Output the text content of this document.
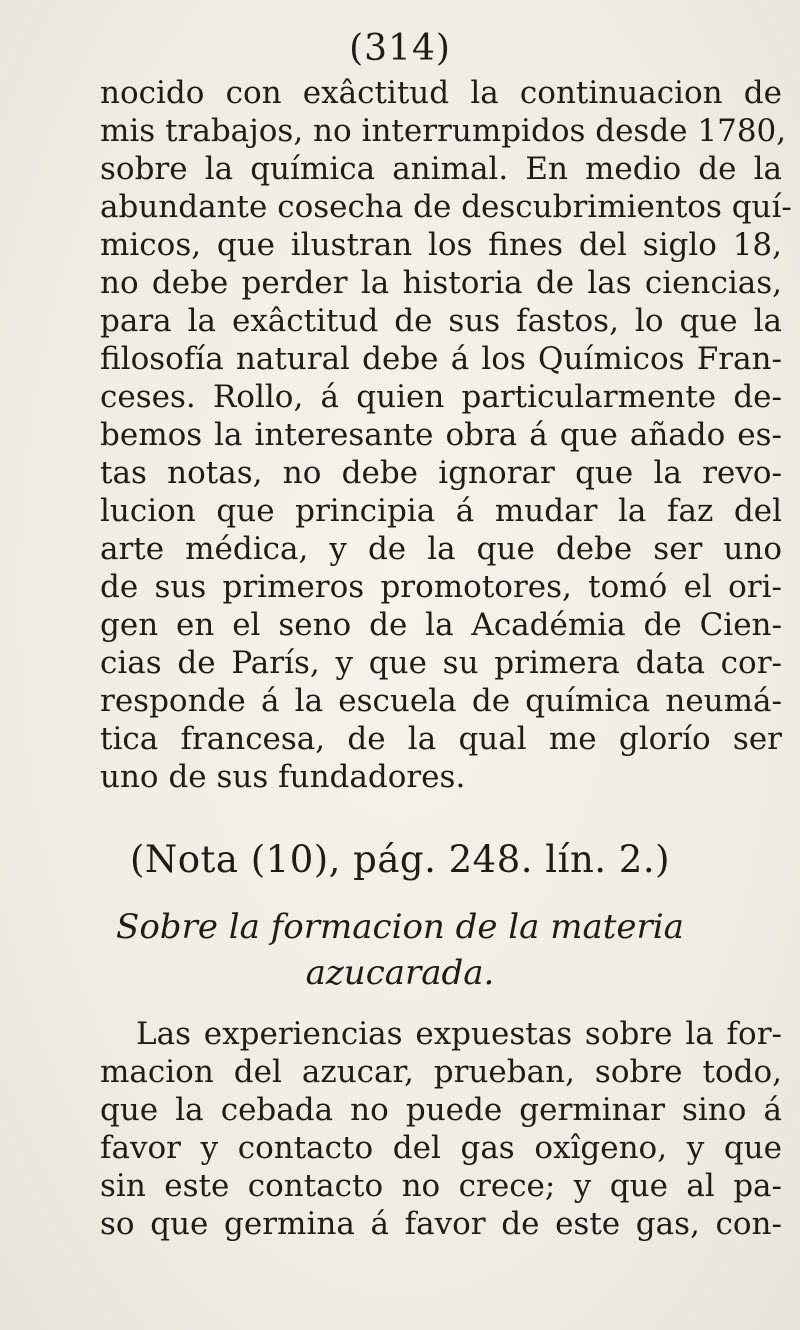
(314)
nocido con exâctitud la continuacion de
mis trabajos, no interrumpidos desde 1780,
sobre la química animal. En medio de la
abundante cosecha de descubrimientos quí-
micos, que ilustran los fines del siglo 18,
no debe perder la historia de las ciencias,
para la exâctitud de sus fastos, lo que la
filosofía natural debe á los Químicos Fran-
ceses. Rollo, á quien particularmente de-
bemos la interesante obra á que añado es-
tas notas, no debe ignorar que la revo-
lucion que principia á mudar la faz del
arte médica, y de la que debe ser uno
de sus primeros promotores, tomó el ori-
gen en el seno de la Académia de Cien-
cias de París, y que su primera data cor-
responde á la escuela de química neumá-
tica francesa, de la qual me glorío ser
uno de sus fundadores.
(Nota (10), pág. 248. lín. 2.)
Sobre la formacion de la materia
azucarada.
Las experiencias expuestas sobre la for-
macion del azucar, prueban, sobre todo,
que la cebada no puede germinar sino á
favor y contacto del gas oxîgeno, y que
sin este contacto no crece; y que al pa-
so que germina á favor de este gas, con-
